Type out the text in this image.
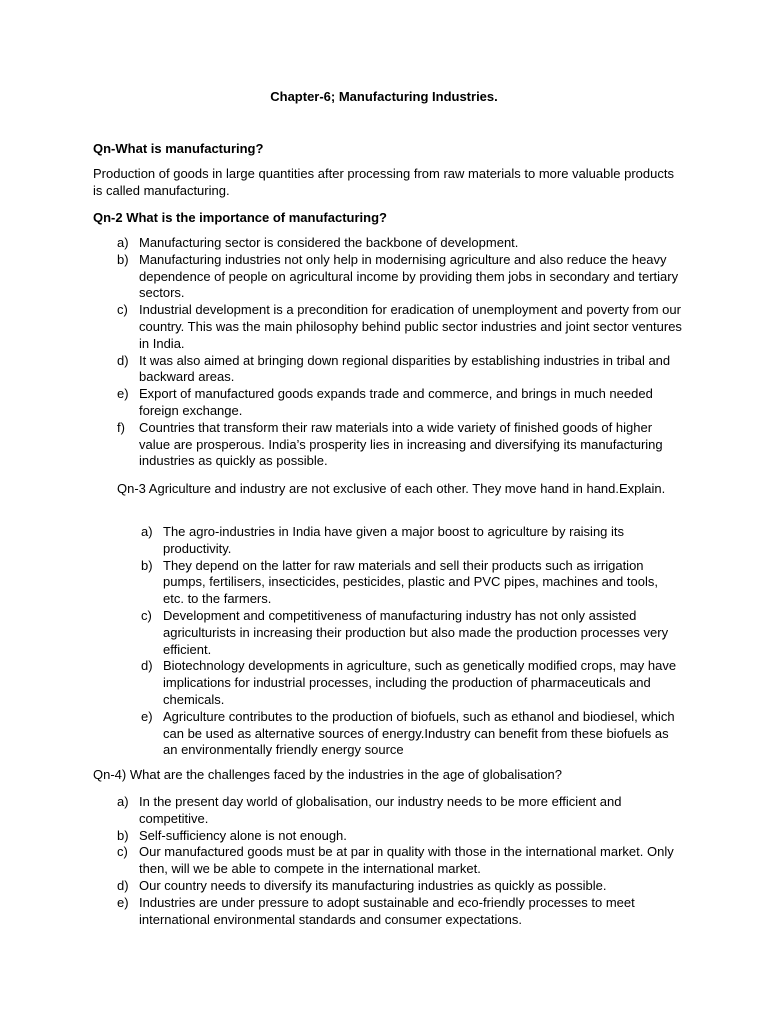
Chapter-6; Manufacturing Industries.
Qn-What is manufacturing?
Production of goods in large quantities after processing from raw materials to more valuable products is called manufacturing.
Qn-2 What is the importance of manufacturing?
a) Manufacturing sector is considered the backbone of development.
b) Manufacturing industries not only help in modernising agriculture and also reduce the heavy dependence of people on agricultural income by providing them jobs in secondary and tertiary sectors.
c) Industrial development is a precondition for eradication of unemployment and poverty from our country. This was the main philosophy behind public sector industries and joint sector ventures in India.
d) It was also aimed at bringing down regional disparities by establishing industries in tribal and backward areas.
e) Export of manufactured goods expands trade and commerce, and brings in much needed foreign exchange.
f) Countries that transform their raw materials into a wide variety of finished goods of higher value are prosperous. India’s prosperity lies in increasing and diversifying its manufacturing industries as quickly as possible.
Qn-3 Agriculture and industry are not exclusive of each other. They move hand in hand.Explain.
a) The agro-industries in India have given a major boost to agriculture by raising its productivity.
b) They depend on the latter for raw materials and sell their products such as irrigation pumps, fertilisers, insecticides, pesticides, plastic and PVC pipes, machines and tools, etc. to the farmers.
c) Development and competitiveness of manufacturing industry has not only assisted agriculturists in increasing their production but also made the production processes very efficient.
d) Biotechnology developments in agriculture, such as genetically modified crops, may have implications for industrial processes, including the production of pharmaceuticals and chemicals.
e) Agriculture contributes to the production of biofuels, such as ethanol and biodiesel, which can be used as alternative sources of energy.Industry can benefit from these biofuels as an environmentally friendly energy source
Qn-4) What are the challenges faced by the industries in the age of globalisation?
a) In the present day world of globalisation, our industry needs to be more efficient and competitive.
b) Self-sufficiency alone is not enough.
c) Our manufactured goods must be at par in quality with those in the international market. Only then, will we be able to compete in the international market.
d) Our country needs to diversify its manufacturing industries as quickly as possible.
e) Industries are under pressure to adopt sustainable and eco-friendly processes to meet international environmental standards and consumer expectations.
